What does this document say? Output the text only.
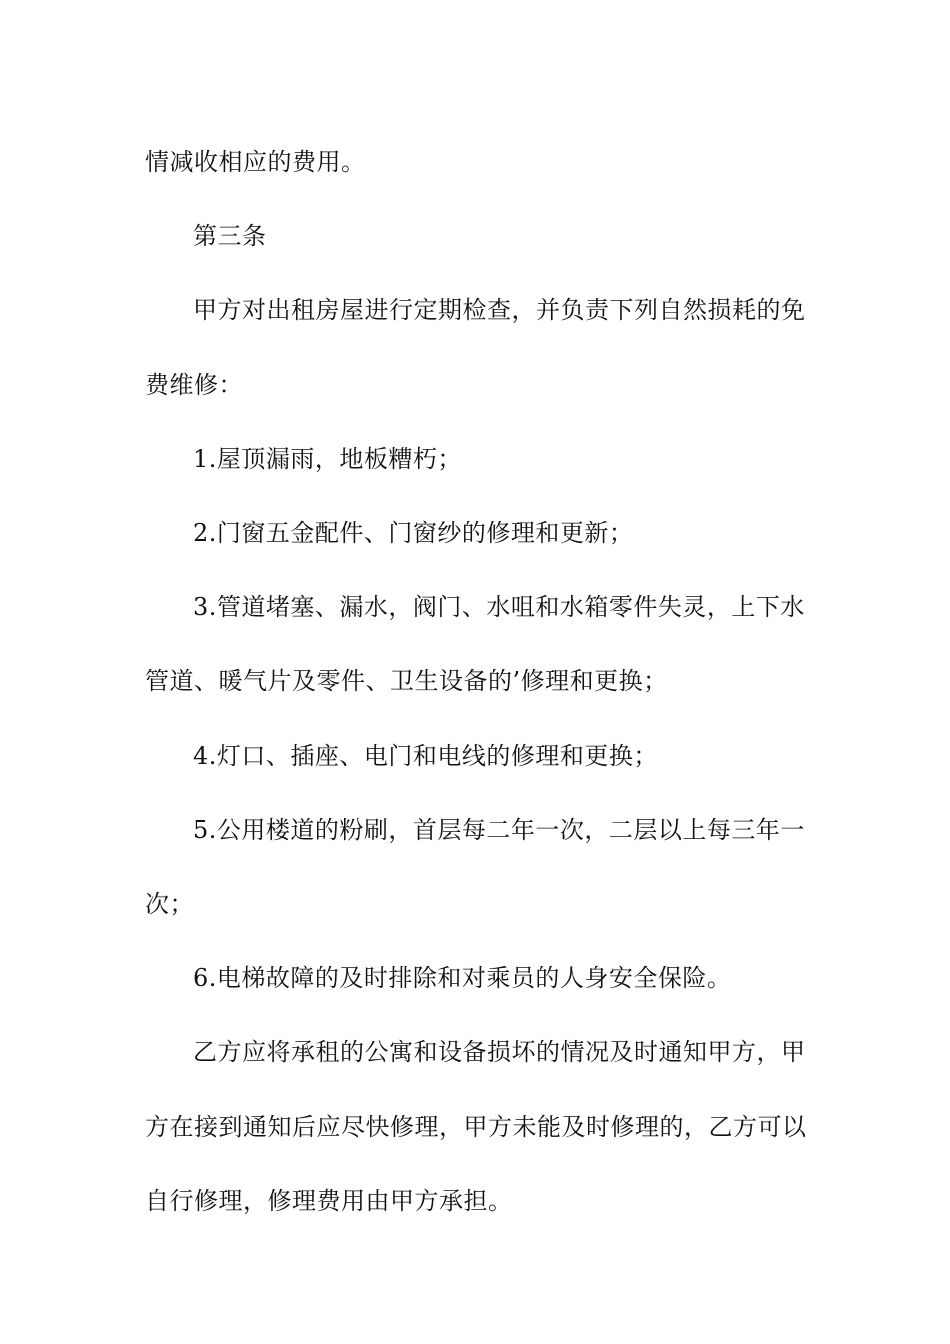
情减收相应的费用。

第三条

甲方对出租房屋进行定期检查，并负责下列自然损耗的免费维修：

1.屋顶漏雨，地板糟朽；

2.门窗五金配件、门窗纱的修理和更新；

3.管道堵塞、漏水，阀门、水咀和水箱零件失灵，上下水管道、暖气片及零件、卫生设备的’修理和更换；

4.灯口、插座、电门和电线的修理和更换；

5.公用楼道的粉刷，首层每二年一次，二层以上每三年一次；

6.电梯故障的及时排除和对乘员的人身安全保险。

乙方应将承租的公寓和设备损坏的情况及时通知甲方，甲方在接到通知后应尽快修理，甲方未能及时修理的，乙方可以自行修理，修理费用由甲方承担。
